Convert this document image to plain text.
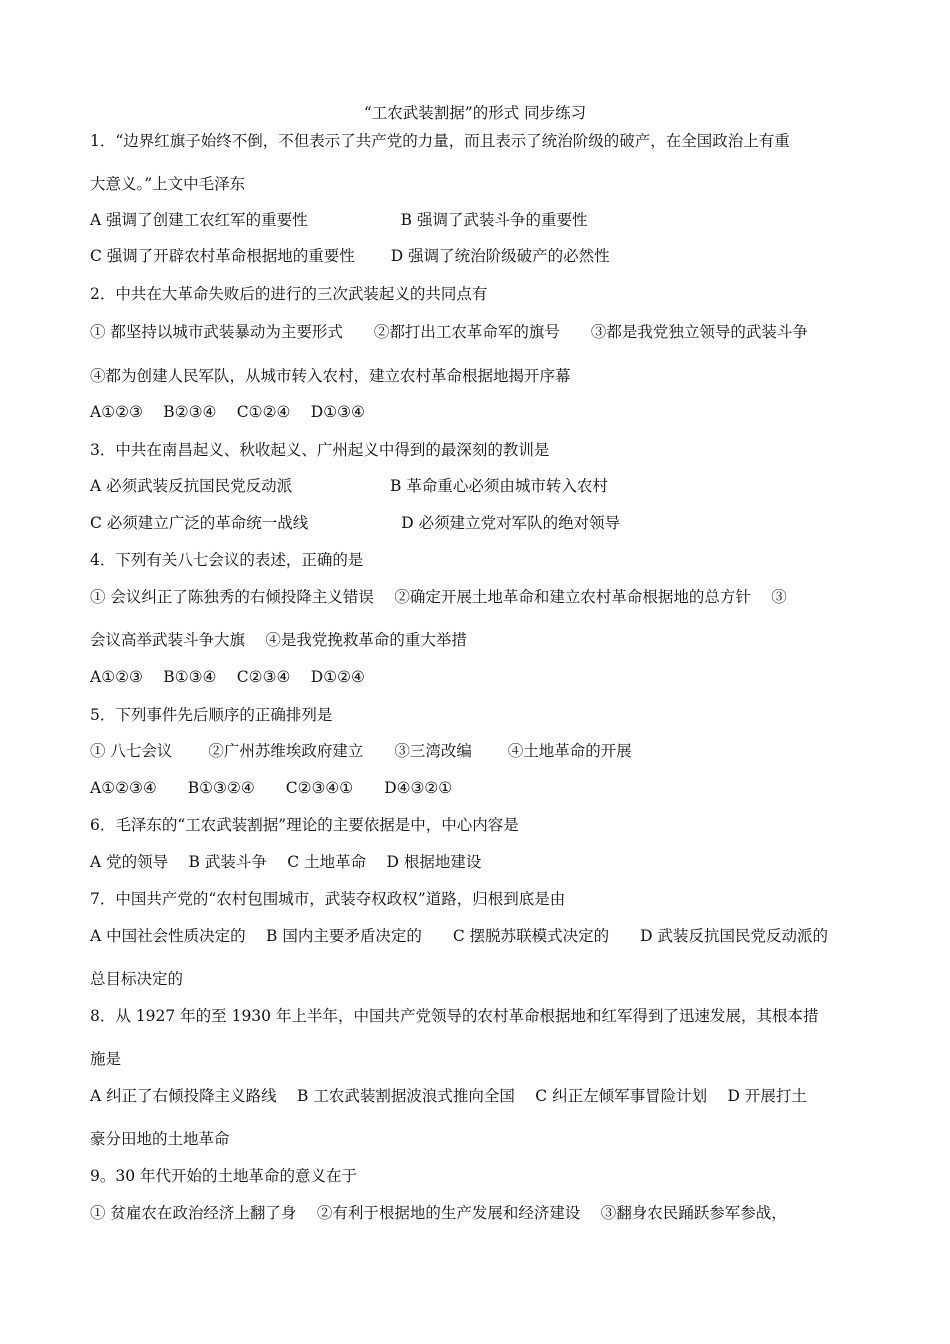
“工农武装割据”的形式 同步练习
1．“边界红旗子始终不倒，不但表示了共产党的力量，而且表示了统治阶级的破产，在全国政治上有重
大意义。”上文中毛泽东
A 强调了创建工农红军的重要性　　　　　　B 强调了武装斗争的重要性
C 强调了开辟农村革命根据地的重要性　　 D 强调了统治阶级破产的必然性
2．中共在大革命失败后的进行的三次武装起义的共同点有
① 都坚持以城市武装暴动为主要形式　　②都打出工农革命军的旗号　　③都是我党独立领导的武装斗争
④都为创建人民军队，从城市转入农村，建立农村革命根据地揭开序幕
A①②③　 B②③④　 C①②④　 D①③④
3．中共在南昌起义、秋收起义、广州起义中得到的最深刻的教训是
A 必须武装反抗国民党反动派　　　　　　 B 革命重心必须由城市转入农村
C 必须建立广泛的革命统一战线　　　　　　D 必须建立党对军队的绝对领导
4．下列有关八七会议的表述，正确的是
① 会议纠正了陈独秀的右倾投降主义错误　 ②确定开展土地革命和建立农村革命根据地的总方针　 ③
会议高举武装斗争大旗　 ④是我党挽救革命的重大举措
A①②③　 B①③④　 C②③④　 D①②④
5．下列事件先后顺序的正确排列是
① 八七会议　　 ②广州苏维埃政府建立　　③三湾改编　　 ④土地革命的开展
A①②③④　　B①③②④　　C②③④①　　D④③②①
6．毛泽东的“工农武装割据”理论的主要依据是中，中心内容是
A 党的领导　 B 武装斗争　 C 土地革命　 D 根据地建设
7．中国共产党的“农村包围城市，武装夺权政权”道路，归根到底是由
A 中国社会性质决定的　 B 国内主要矛盾决定的　　C 摆脱苏联模式决定的　　D 武装反抗国民党反动派的
总目标决定的
8．从 1927 年的至 1930 年上半年，中国共产党领导的农村革命根据地和红军得到了迅速发展，其根本措
施是
A 纠正了右倾投降主义路线　 B 工农武装割据波浪式推向全国　 C 纠正左倾军事冒险计划　 D 开展打土
豪分田地的土地革命
9。30 年代开始的土地革命的意义在于
① 贫雇农在政治经济上翻了身　 ②有利于根据地的生产发展和经济建设　 ③翻身农民踊跃参军参战，
